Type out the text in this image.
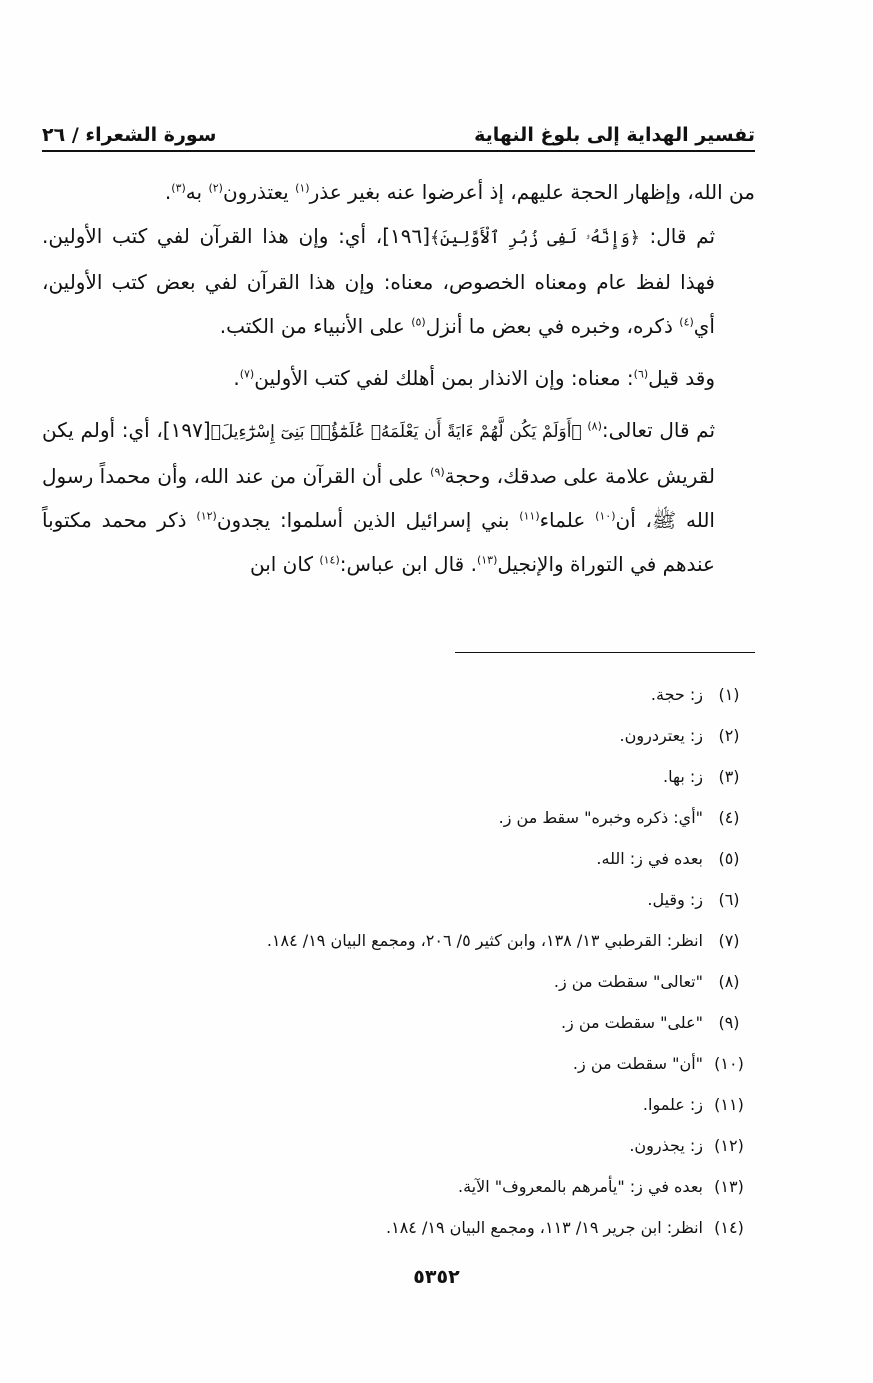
تفسير الهداية إلى بلوغ النهاية
سورة الشعراء / ٢٦

من الله، وإظهار الحجة عليهم، إذ أعرضوا عنه بغير عذر$^{(١)}$ يعتذرون$^{(٢)}$ به$^{(٣)}$.

ثم قال: ﴿وَإِنَّهُۥ لَفِى زُبُرِ ٱلْأَوَّلِينَ﴾[١٩٦]، أي: وإن هذا القرآن لفي كتب الأولين. فهذا لفظ عام ومعناه الخصوص، معناه: وإن هذا القرآن لفي بعض كتب الأولين، أي$^{(٤)}$ ذكره، وخبره في بعض ما أنزل$^{(٥)}$ على الأنبياء من الكتب.

وقد قيل$^{(٦)}$: معناه: وإن الانذار بمن أهلك لفي كتب الأولين$^{(٧)}$.

ثم قال تعالى:$^{(٨)}$ ﴿أَوَلَمْ يَكُن لَّهُمْ ءَايَةً أَن يَعْلَمَهُۥ عُلَمَٰٓؤُا۟ بَنِىٓ إِسْرَٰٓءِيلَ﴾[١٩٧]، أي: أولم يكن لقريش علامة على صدقك، وحجة$^{(٩)}$ على أن القرآن من عند الله، وأن محمداً رسول الله ﷺ، أن$^{(١٠)}$ علماء$^{(١١)}$ بني إسرائيل الذين أسلموا: يجدون$^{(١٢)}$ ذكر محمد مكتوباً عندهم في التوراة والإنجيل$^{(١٣)}$. قال ابن عباس:$^{(١٤)}$ كان ابن

(١)
ز: حجة.
(٢)
ز: يعتردرون.
(٣)
ز: بها.
(٤)
"أي: ذكره وخبره" سقط من ز.
(٥)
بعده في ز: الله.
(٦)
ز: وقيل.
(٧)
انظر: القرطبي ١٣/ ١٣٨، وابن كثير ٥/ ٢٠٦، ومجمع البيان ١٩/ ١٨٤.
(٨)
"تعالى" سقطت من ز.
(٩)
"على" سقطت من ز.
(١٠)
"أن" سقطت من ز.
(١١)
ز: علموا.
(١٢)
ز: يجذرون.
(١٣)
بعده في ز: "يأمرهم بالمعروف" الآية.
(١٤)
انظر: ابن جرير ١٩/ ١١٣، ومجمع البيان ١٩/ ١٨٤.
٥٣٥٢
